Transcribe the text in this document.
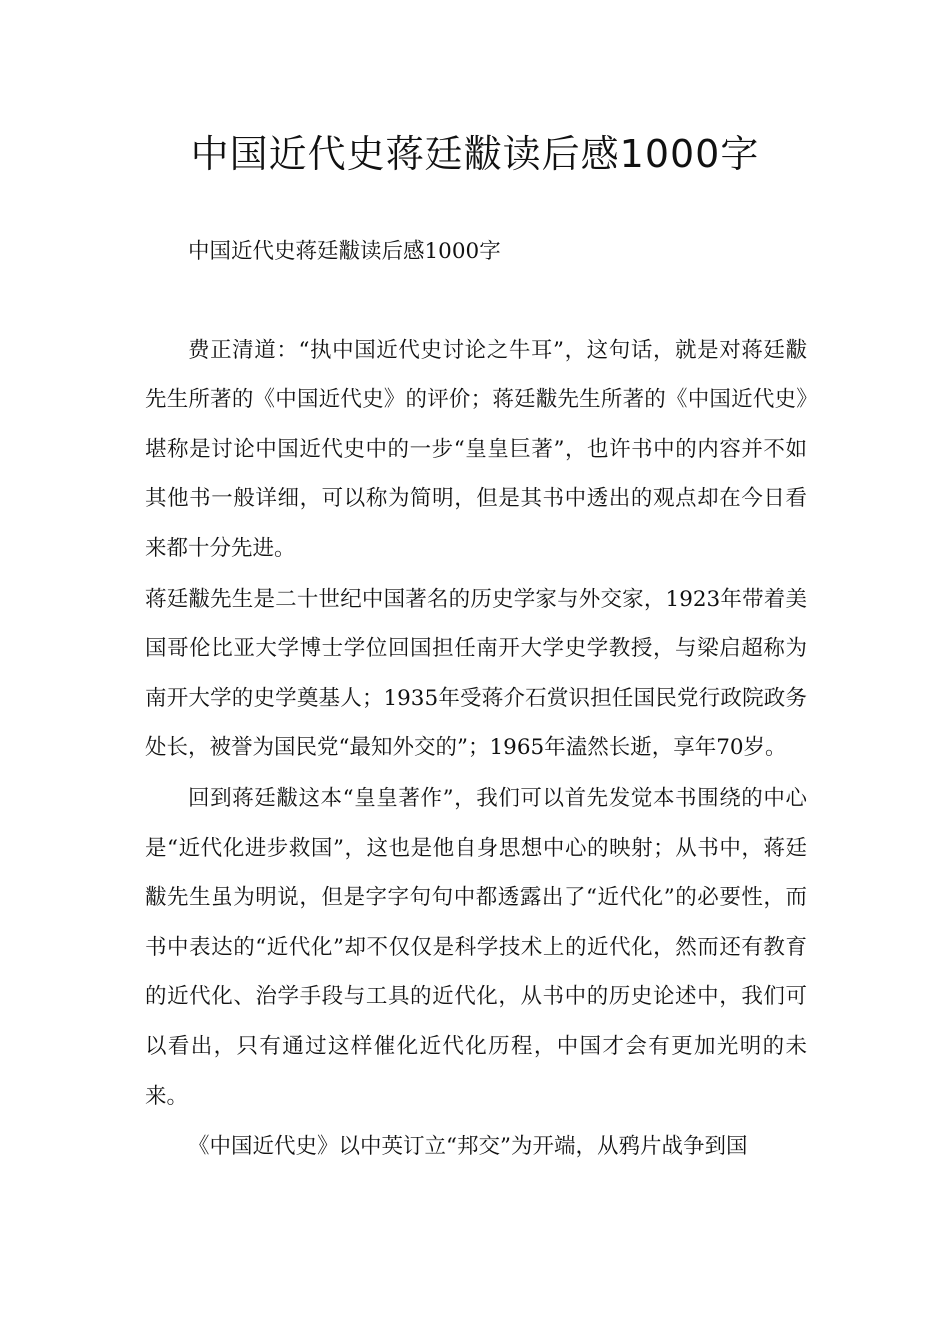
中国近代史蒋廷黻读后感1000字

中国近代史蒋廷黻读后感1000字

费正清道：“执中国近代史讨论之牛耳”，这句话，就是对蒋廷黻先生所著的《中国近代史》的评价；蒋廷黻先生所著的《中国近代史》堪称是讨论中国近代史中的一步“皇皇巨著”，也许书中的内容并不如其他书一般详细，可以称为简明，但是其书中透出的观点却在今日看来都十分先进。

蒋廷黻先生是二十世纪中国著名的历史学家与外交家，1923年带着美国哥伦比亚大学博士学位回国担任南开大学史学教授，与梁启超称为南开大学的史学奠基人；1935年受蒋介石赏识担任国民党行政院政务处长，被誉为国民党“最知外交的”；1965年溘然长逝，享年70岁。

回到蒋廷黻这本“皇皇著作”，我们可以首先发觉本书围绕的中心是“近代化进步救国”，这也是他自身思想中心的映射；从书中，蒋廷黻先生虽为明说，但是字字句句中都透露出了“近代化”的必要性，而书中表达的“近代化”却不仅仅是科学技术上的近代化，然而还有教育的近代化、治学手段与工具的近代化，从书中的历史论述中，我们可以看出，只有通过这样催化近代化历程，中国才会有更加光明的未来。

《中国近代史》以中英订立“邦交”为开端，从鸦片战争到国
